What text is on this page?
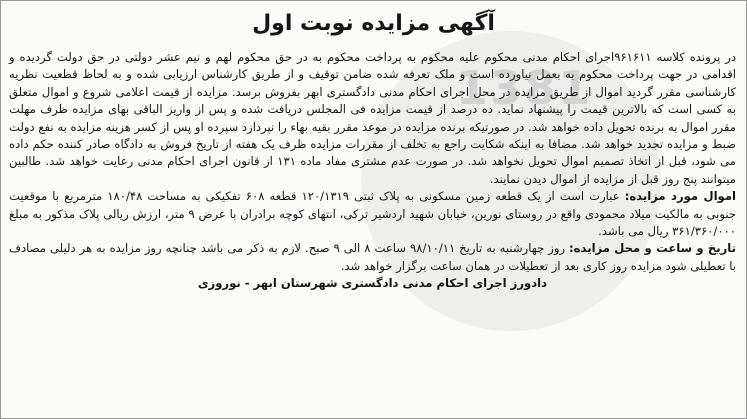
1381
آگهی مزایده نوبت اول

در پرونده کلاسه ۹۶۱۶۱۱اجرای احکام مدنی محکوم علیه محکوم به پرداخت محکوم به در حق محکوم لهم و نیم عشر دولتی در حق دولت گردیده و اقدامی در جهت پرداخت محکوم به بعمل نیاورده است و ملک تعرفه شده ضامن توقیف و از طریق کارشناس ارزیابی شده و به لحاظ قطعیت نظریه کارشناسی مقرر گردید اموال از طریق مزایده در محل اجرای احکام مدنی دادگستری ابهر بفروش برسد. مزایده از قیمت اعلامی شروع و اموال متعلق به کسی است که بالاترین قیمت را پیشنهاد نماید. ده درصد از قیمت مزایده فی المجلس دریافت شده و پس از واریز الباقی بهای مزایده ظرف مهلت مقرر اموال به برنده تحویل داده خواهد شد. در صورتیکه برنده مزایده در موعد مقرر بقیه بهاء را نپردازد سپرده او پس از کسر هزینه مزایده به نفع دولت ضبط و مزایده تجدید خواهد شد. مضافا به اینکه شکایت راجع به تخلف از مقررات مزایده ظرف یک هفته از تاریخ فروش به دادگاه صادر کننده حکم داده می شود، قبل از اتخاذ تصمیم اموال تحویل نخواهد شد. در صورت عدم مشتری مفاد ماده ۱۳۱ از قانون اجرای احکام مدنی رعایت خواهد شد. طالبین میتوانند پنج روز قبل از مزایده از اموال دیدن نمایند.

اموال مورد مزایده: عبارت است از یک قطعه زمین مسکونی به پلاک ثبتی ۱۲۰/۱۳۱۹ قطعه ۶۰۸ تفکیکی به مساحت ۱۸۰/۴۸ مترمربع با موقعیت جنوبی به مالکیت میلاد محمودی واقع در روستای نورین، خیابان شهید اردشیر ترکی، انتهای کوچه برادران با عرض ۹ متر، ارزش ریالی پلاک مذکور به مبلغ ۳۶۱/۳۶۰/۰۰۰ ریال می باشد.

تاریخ و ساعت و محل مزایده: روز چهارشنبه به تاریخ ۹۸/۱۰/۱۱ ساعت ۸ الی ۹ صبح. لازم به ذکر می باشد چنانچه روز مزایده به هر دلیلی مصادف با تعطیلی شود مزایده روز کاری بعد از تعطیلات در همان ساعت برگزار خواهد شد.

دادورز اجرای احکام مدنی دادگستری شهرستان ابهر - نوروزی
